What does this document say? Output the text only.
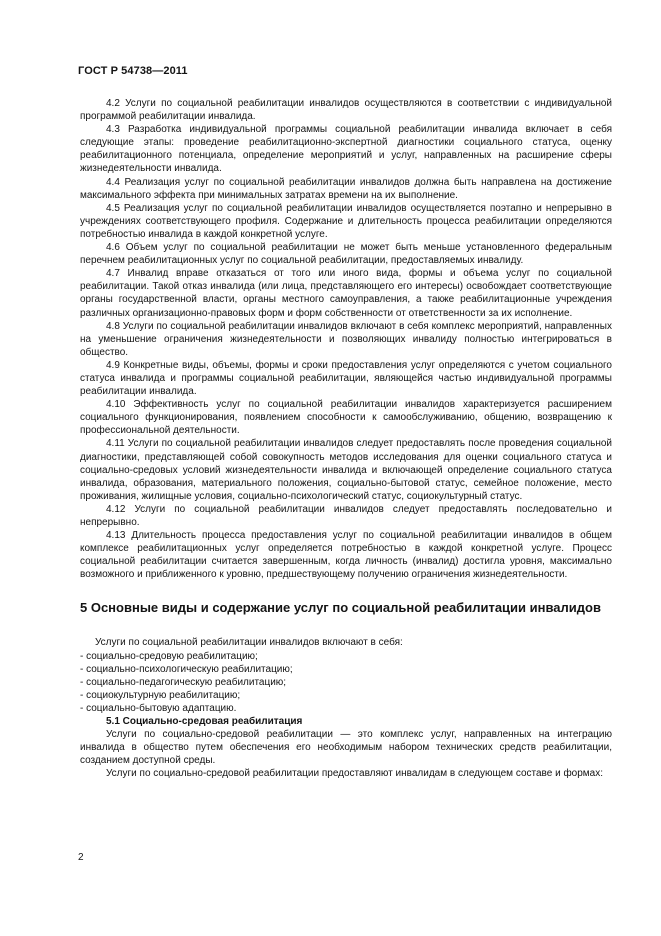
ГОСТ Р 54738—2011

4.2 Услуги по социальной реабилитации инвалидов осуществляются в соответствии с индивидуальной программой реабилитации инвалида.

4.3 Разработка индивидуальной программы социальной реабилитации инвалида включает в себя следующие этапы: проведение реабилитационно-экспертной диагностики социального статуса, оценку реабилитационного потенциала, определение мероприятий и услуг, направленных на расширение сферы жизнедеятельности инвалида.

4.4 Реализация услуг по социальной реабилитации инвалидов должна быть направлена на достижение максимального эффекта при минимальных затратах времени на их выполнение.

4.5 Реализация услуг по социальной реабилитации инвалидов осуществляется поэтапно и непрерывно в учреждениях соответствующего профиля. Содержание и длительность процесса реабилитации определяются потребностью инвалида в каждой конкретной услуге.

4.6 Объем услуг по социальной реабилитации не может быть меньше установленного федеральным перечнем реабилитационных услуг по социальной реабилитации, предоставляемых инвалиду.

4.7 Инвалид вправе отказаться от того или иного вида, формы и объема услуг по социальной реабилитации. Такой отказ инвалида (или лица, представляющего его интересы) освобождает соответствующие органы государственной власти, органы местного самоуправления, а также реабилитационные учреждения различных организационно-правовых форм и форм собственности от ответственности за их исполнение.

4.8 Услуги по социальной реабилитации инвалидов включают в себя комплекс мероприятий, направленных на уменьшение ограничения жизнедеятельности и позволяющих инвалиду полностью интегрироваться в общество.

4.9 Конкретные виды, объемы, формы и сроки предоставления услуг определяются с учетом социального статуса инвалида и программы социальной реабилитации, являющейся частью индивидуальной программы реабилитации инвалида.

4.10 Эффективность услуг по социальной реабилитации инвалидов характеризуется расширением социального функционирования, появлением способности к самообслуживанию, общению, возвращению к профессиональной деятельности.

4.11 Услуги по социальной реабилитации инвалидов следует предоставлять после проведения социальной диагностики, представляющей собой совокупность методов исследования для оценки социального статуса и социально-средовых условий жизнедеятельности инвалида и включающей определение социального статуса инвалида, образования, материального положения, социально-бытовой статус, семейное положение, место проживания, жилищные условия, социально-психологический статус, социокультурный статус.

4.12 Услуги по социальной реабилитации инвалидов следует предоставлять последовательно и непрерывно.

4.13 Длительность процесса предоставления услуг по социальной реабилитации инвалидов в общем комплексе реабилитационных услуг определяется потребностью в каждой конкретной услуге. Процесс социальной реабилитации считается завершенным, когда личность (инвалид) достигла уровня, максимально возможного и приближенного к уровню, предшествующему получению ограничения жизнедеятельности.

5 Основные виды и содержание услуг по социальной реабилитации инвалидов

Услуги по социальной реабилитации инвалидов включают в себя:

- социально-средовую реабилитацию;
- социально-психологическую реабилитацию;
- социально-педагогическую реабилитацию;
- социокультурную реабилитацию;
- социально-бытовую адаптацию.

5.1 Социально-средовая реабилитация

Услуги по социально-средовой реабилитации — это комплекс услуг, направленных на интеграцию инвалида в общество путем обеспечения его необходимым набором технических средств реабилитации, созданием доступной среды.

Услуги по социально-средовой реабилитации предоставляют инвалидам в следующем составе и формах:

2
